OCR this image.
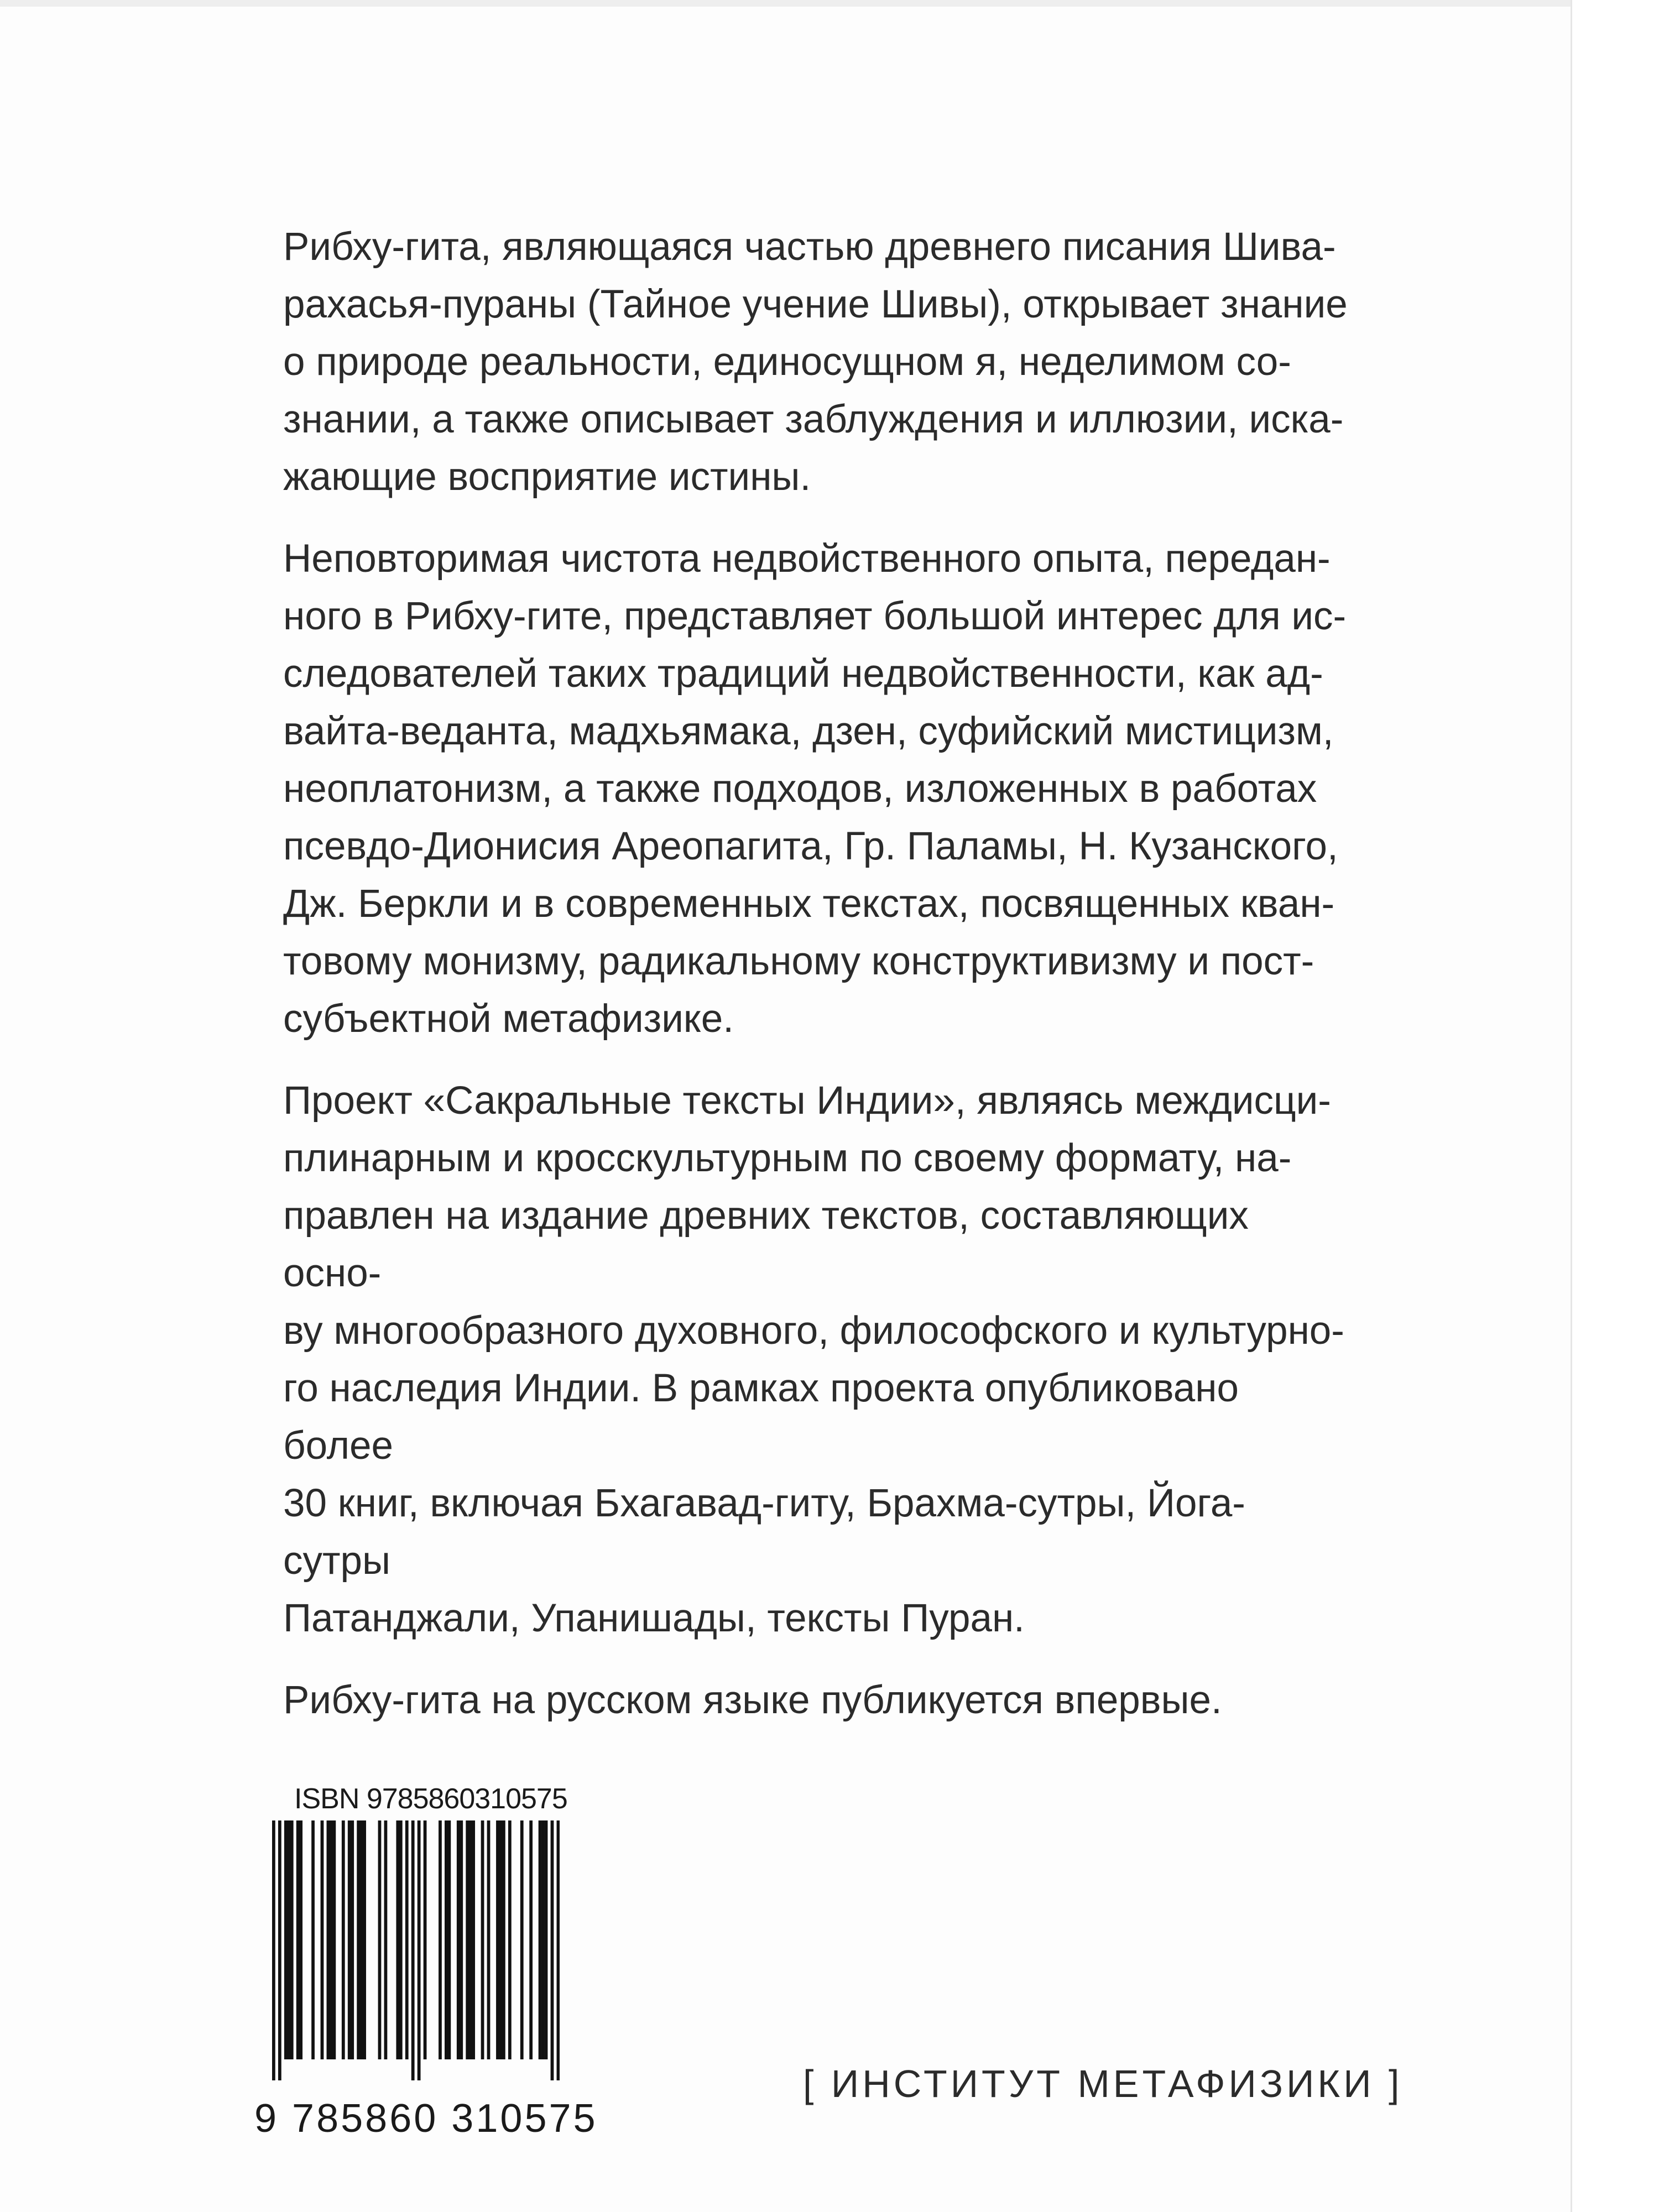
Рибху-гита, являющаяся частью древнего писания Шива-
рахасья-пураны (Тайное учение Шивы), открывает знание
о природе реальности, единосущном я, неделимом со-
знании, а также описывает заблуждения и иллюзии, иска-
жающие восприятие истины.

Неповторимая чистота недвойственного опыта, передан-
ного в Рибху-гите, представляет большой интерес для ис-
следователей таких традиций недвойственности, как ад-
вайта-веданта, мадхьямака, дзен, суфийский мистицизм,
неоплатонизм, а также подходов, изложенных в работах
псевдо-Дионисия Ареопагита, Гр. Паламы, Н. Кузанского,
Дж. Беркли и в современных текстах, посвященных кван-
товому монизму, радикальному конструктивизму и пост-
субъектной метафизике.

Проект «Сакральные тексты Индии», являясь междисци-
плинарным и кросскультурным по своему формату, на-
правлен на издание древних текстов, составляющих осно-
ву многообразного духовного, философского и культурно-
го наследия Индии. В рамках проекта опубликовано более
30 книг, включая Бхагавад-гиту, Брахма-сутры, Йога-сутры
Патанджали, Упанишады, тексты Пуран.

Рибху-гита на русском языке публикуется впервые.

ISBN 9785860310575
9 785860 310575
[ ИНСТИТУТ МЕТАФИЗИКИ ]
